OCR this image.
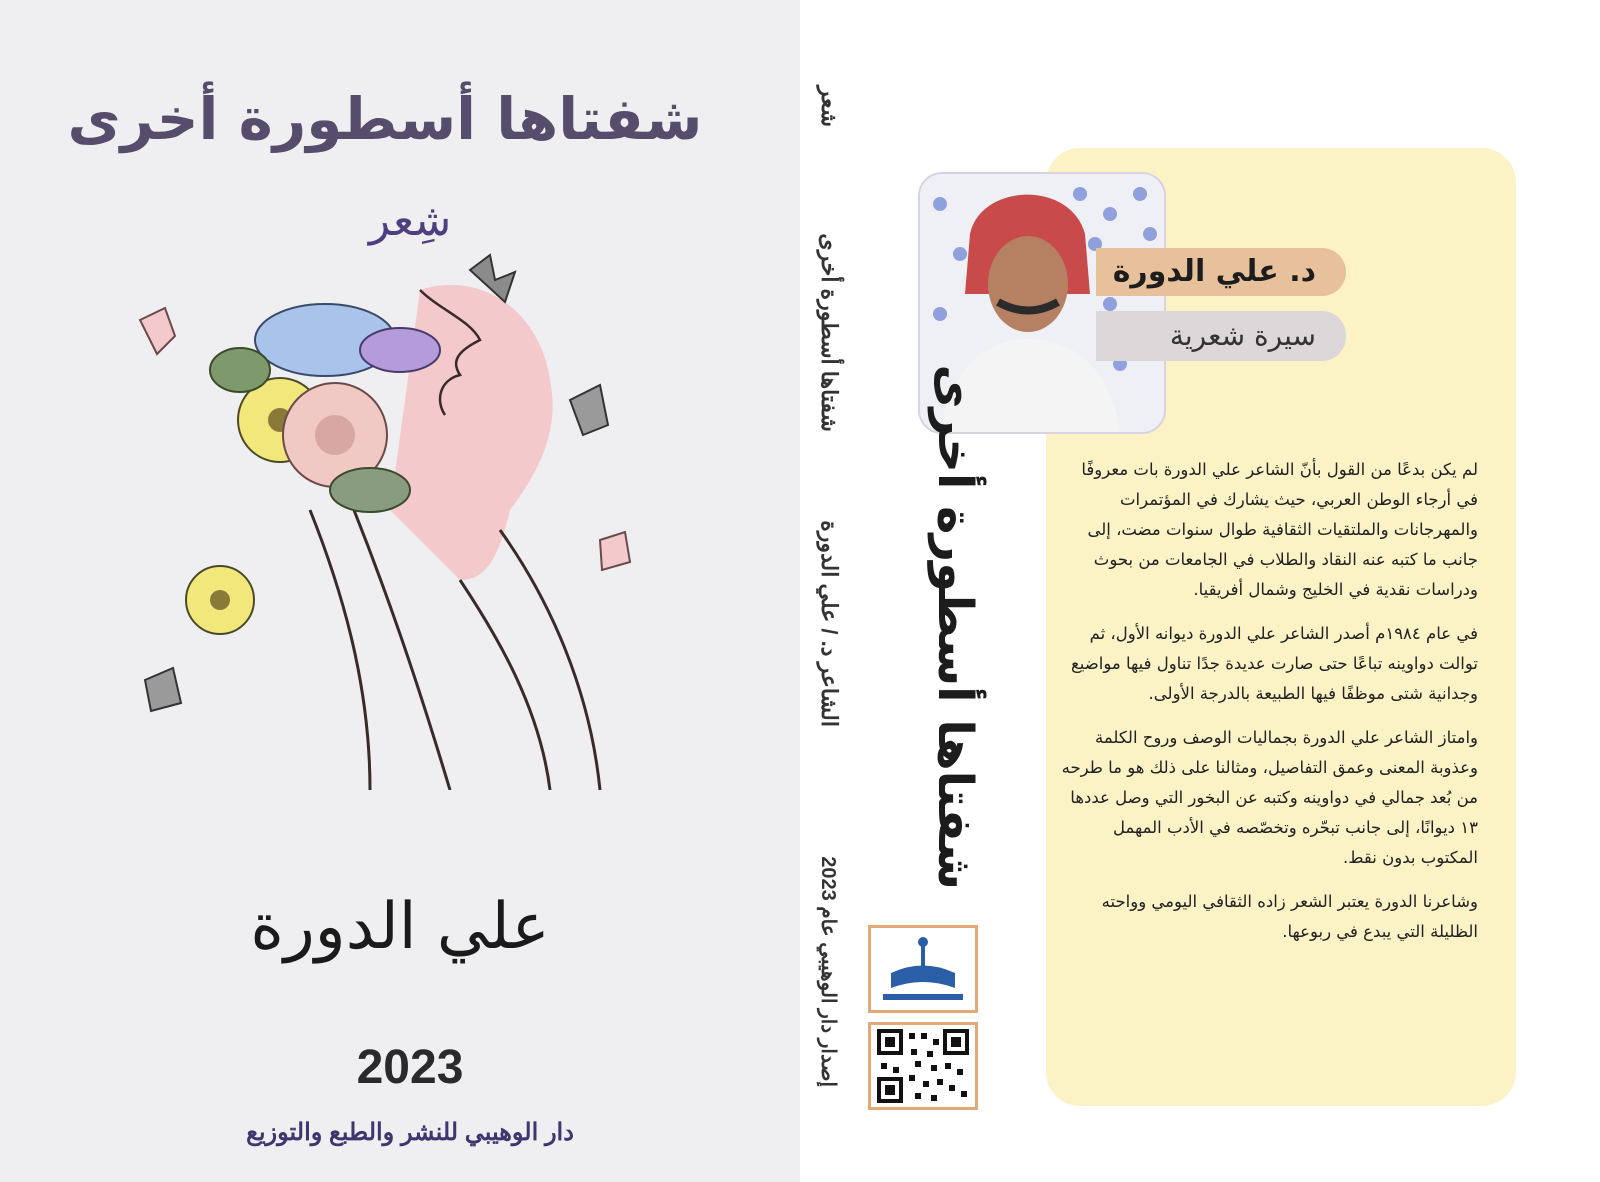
شفتاها أسطورة أخرى
شِعر
علي الدورة
2023
دار الوهيبي للنشر والطبع والتوزيع
شعر
شفتاها أسطورة أخرى
الشاعر د. / علي الدورة
إصدار دار الوهيبي عام 2023
د. علي الدورة
سيرة شعرية

لم يكن بدعًا من القول بأنّ الشاعر علي الدورة بات معروفًا في أرجاء الوطن العربي، حيث يشارك في المؤتمرات والمهرجانات والملتقيات الثقافية طوال سنوات مضت، إلى جانب ما كتبه عنه النقاد والطلاب في الجامعات من بحوث ودراسات نقدية في الخليج وشمال أفريقيا.

في عام ١٩٨٤م أصدر الشاعر علي الدورة ديوانه الأول، ثم توالت دواوينه تباعًا حتى صارت عديدة جدًا تناول فيها مواضيع وجدانية شتى موظفًا فيها الطبيعة بالدرجة الأولى.

وامتاز الشاعر علي الدورة بجماليات الوصف وروح الكلمة وعذوبة المعنى وعمق التفاصيل، ومثالنا على ذلك هو ما طرحه من بُعد جمالي في دواوينه وكتبه عن البخور التي وصل عددها ١٣ ديوانًا، إلى جانب تبحّره وتخصّصه في الأدب المهمل المكتوب بدون نقط.

وشاعرنا الدورة يعتبر الشعر زاده الثقافي اليومي وواحته الظليلة التي يبدع في ربوعها.

شفتاها أسطورة أخرى
